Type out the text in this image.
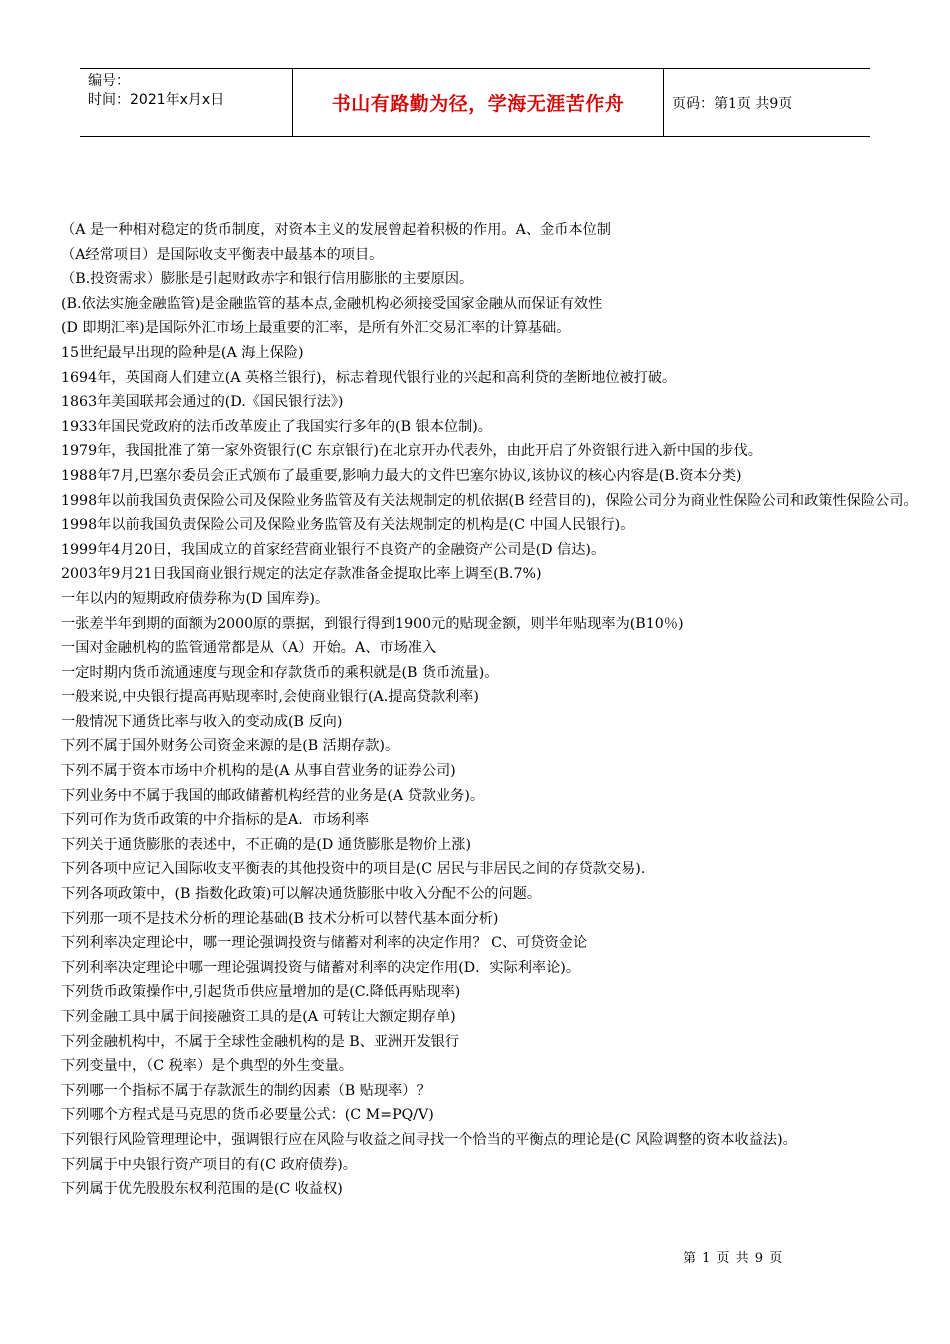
编号：
时间：2021年x月x日	书山有路勤为径，学海无涯苦作舟	页码：第1页 共9页

（A 是一种相对稳定的货币制度，对资本主义的发展曾起着积极的作用。A、金币本位制

（A经常项目）是国际收支平衡表中最基本的项目。

（B.投资需求）膨胀是引起财政赤字和银行信用膨胀的主要原因。

(B.依法实施金融监管)是金融监管的基本点,金融机构必须接受国家金融从而保证有效性

(D 即期汇率)是国际外汇市场上最重要的汇率，是所有外汇交易汇率的计算基础。

15世纪最早出现的险种是(A 海上保险)

1694年，英国商人们建立(A 英格兰银行)，标志着现代银行业的兴起和高利贷的垄断地位被打破。

1863年美国联邦会通过的(D.《国民银行法》)

1933年国民党政府的法币改革废止了我国实行多年的(B 银本位制)。

1979年，我国批准了第一家外资银行(C 东京银行)在北京开办代表外，由此开启了外资银行进入新中国的步伐。

1988年7月,巴塞尔委员会正式颁布了最重要,影响力最大的文件巴塞尔协议,该协议的核心内容是(B.资本分类)

1998年以前我国负责保险公司及保险业务监管及有关法规制定的机依据(B 经营目的)，保险公司分为商业性保险公司和政策性保险公司。

1998年以前我国负责保险公司及保险业务监管及有关法规制定的机构是(C 中国人民银行)。

1999年4月20日，我国成立的首家经营商业银行不良资产的金融资产公司是(D 信达)。

2003年9月21日我国商业银行规定的法定存款准备金提取比率上调至(B.7%)

一年以内的短期政府债券称为(D 国库券)。

一张差半年到期的面额为2000原的票据，到银行得到1900元的贴现金额，则半年贴现率为(B10％)

一国对金融机构的监管通常都是从（A）开始。A、市场准入

一定时期内货币流通速度与现金和存款货币的乘积就是(B 货币流量)。

一般来说,中央银行提高再贴现率时,会使商业银行(A.提高贷款利率)

一般情况下通货比率与收入的变动成(B 反向)

下列不属于国外财务公司资金来源的是(B 活期存款)。

下列不属于资本市场中介机构的是(A 从事自营业务的证券公司)

下列业务中不属于我国的邮政储蓄机构经营的业务是(A 贷款业务)。

下列可作为货币政策的中介指标的是A．市场利率

下列关于通货膨胀的表述中，不正确的是(D 通货膨胀是物价上涨)

下列各项中应记入国际收支平衡表的其他投资中的项目是(C 居民与非居民之间的存贷款交易).

下列各项政策中，(B 指数化政策)可以解决通货膨胀中收入分配不公的问题。

下列那一项不是技术分析的理论基础(B 技术分析可以替代基本面分析)

下列利率决定理论中，哪一理论强调投资与储蓄对利率的决定作用？ C、可贷资金论

下列利率决定理论中哪一理论强调投资与储蓄对利率的决定作用(D．实际利率论)。

下列货币政策操作中,引起货币供应量增加的是(C.降低再贴现率)

下列金融工具中属于间接融资工具的是(A 可转让大额定期存单)

下列金融机构中，不属于全球性金融机构的是 B、亚洲开发银行

下列变量中，（C 税率）是个典型的外生变量。

下列哪一个指标不属于存款派生的制约因素（B 贴现率）？

下列哪个方程式是马克思的货币必要量公式：(C M=PQ/V)

下列银行风险管理理论中，强调银行应在风险与收益之间寻找一个恰当的平衡点的理论是(C 风险调整的资本收益法)。

下列属于中央银行资产项目的有(C 政府债券)。

下列属于优先股股东权利范围的是(C 收益权)

第 1 页 共 9 页
